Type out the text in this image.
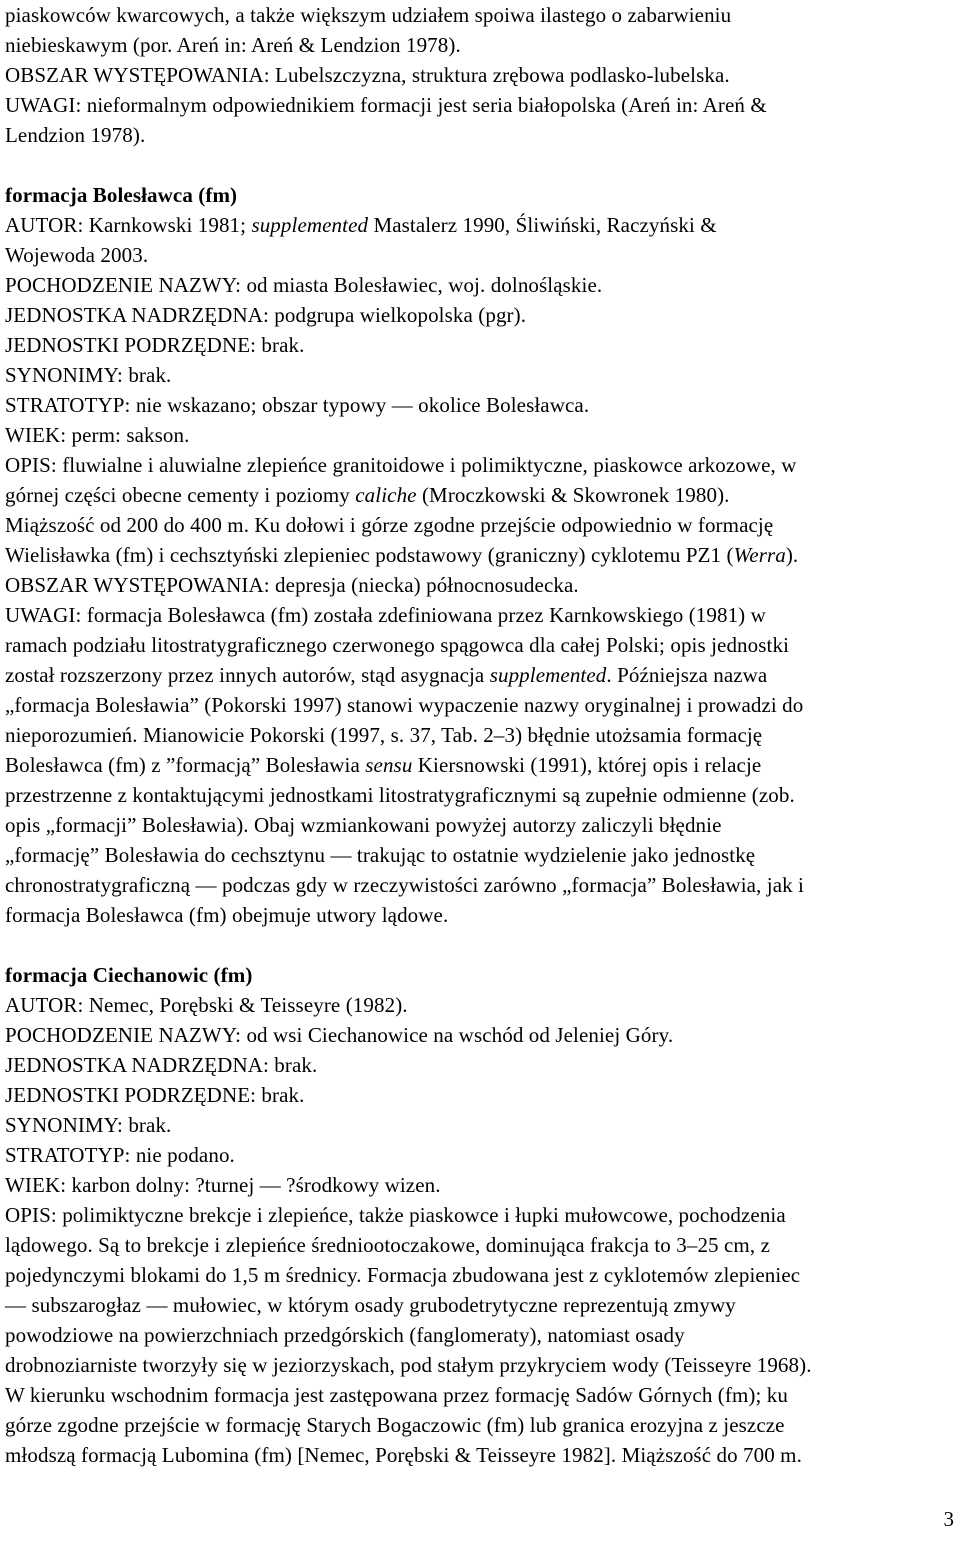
piaskowców kwarcowych, a także większym udziałem spoiwa ilastego o zabarwieniu
niebieskawym (por. Areń in: Areń & Lendzion 1978).
OBSZAR WYSTĘPOWANIA: Lubelszczyzna, struktura zrębowa podlasko-lubelska.
UWAGI: nieformalnym odpowiednikiem formacji jest seria białopolska (Areń in: Areń &
Lendzion 1978).
formacja Bolesławca (fm)
AUTOR: Karnkowski 1981; supplemented Mastalerz 1990, Śliwiński, Raczyński &
Wojewoda 2003.
POCHODZENIE NAZWY: od miasta Bolesławiec, woj. dolnośląskie.
JEDNOSTKA NADRZĘDNA: podgrupa wielkopolska (pgr).
JEDNOSTKI PODRZĘDNE: brak.
SYNONIMY: brak.
STRATOTYP: nie wskazano; obszar typowy — okolice Bolesławca.
WIEK: perm: sakson.
OPIS: fluwialne i aluwialne zlepieńce granitoidowe i polimiktyczne, piaskowce arkozowe, w
górnej części obecne cementy i poziomy caliche (Mroczkowski & Skowronek 1980).
Miąższość od 200 do 400 m. Ku dołowi i górze zgodne przejście odpowiednio w formację
Wielisławka (fm) i cechsztyński zlepieniec podstawowy (graniczny) cyklotemu PZ1 (Werra).
OBSZAR WYSTĘPOWANIA: depresja (niecka) północnosudecka.
UWAGI: formacja Bolesławca (fm) została zdefiniowana przez Karnkowskiego (1981) w
ramach podziału litostratygraficznego czerwonego spągowca dla całej Polski; opis jednostki
został rozszerzony przez innych autorów, stąd asygnacja supplemented. Późniejsza nazwa
„formacja Bolesławia” (Pokorski 1997) stanowi wypaczenie nazwy oryginalnej i prowadzi do
nieporozumień. Mianowicie Pokorski (1997, s. 37, Tab. 2–3) błędnie utożsamia formację
Bolesławca (fm) z ”formacją” Bolesławia sensu Kiersnowski (1991), której opis i relacje
przestrzenne z kontaktującymi jednostkami litostratygraficznymi są zupełnie odmienne (zob.
opis „formacji” Bolesławia). Obaj wzmiankowani powyżej autorzy zaliczyli błędnie
„formację” Bolesławia do cechsztynu — trakując to ostatnie wydzielenie jako jednostkę
chronostratygraficzną — podczas gdy w rzeczywistości zarówno „formacja” Bolesławia, jak i
formacja Bolesławca (fm) obejmuje utwory lądowe.
formacja Ciechanowic (fm)
AUTOR: Nemec, Porębski & Teisseyre (1982).
POCHODZENIE NAZWY: od wsi Ciechanowice na wschód od Jeleniej Góry.
JEDNOSTKA NADRZĘDNA: brak.
JEDNOSTKI PODRZĘDNE: brak.
SYNONIMY: brak.
STRATOTYP: nie podano.
WIEK: karbon dolny: ?turnej — ?środkowy wizen.
OPIS: polimiktyczne brekcje i zlepieńce, także piaskowce i łupki mułowcowe, pochodzenia
lądowego. Są to brekcje i zlepieńce średniootoczakowe, dominująca frakcja to 3–25 cm, z
pojedynczymi blokami do 1,5 m średnicy. Formacja zbudowana jest z cyklotemów zlepieniec
— subszarogłaz — mułowiec, w którym osady grubodetrytyczne reprezentują zmywy
powodziowe na powierzchniach przedgórskich (fanglomeraty), natomiast osady
drobnoziarniste tworzyły się w jeziorzyskach, pod stałym przykryciem wody (Teisseyre 1968).
W kierunku wschodnim formacja jest zastępowana przez formację Sadów Górnych (fm); ku
górze zgodne przejście w formację Starych Bogaczowic (fm) lub granica erozyjna z jeszcze
młodszą formacją Lubomina (fm) [Nemec, Porębski & Teisseyre 1982]. Miąższość do 700 m.
3
